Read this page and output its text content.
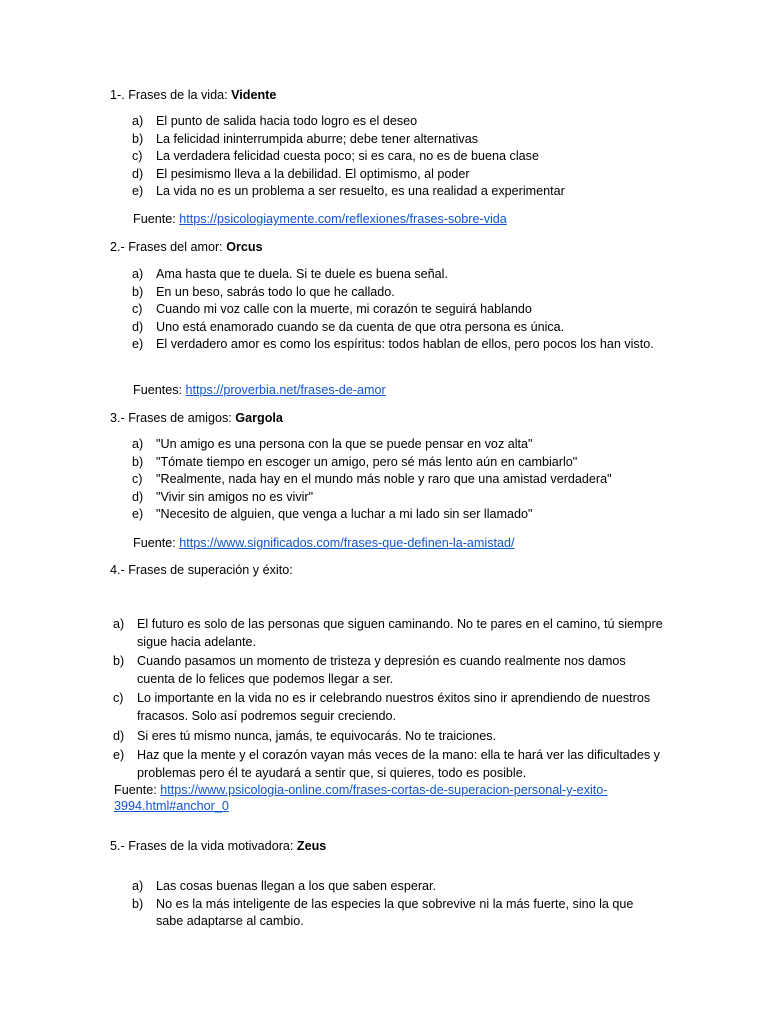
1-. Frases de la vida: Vidente
a) El punto de salida hacia todo logro es el deseo
b) La felicidad ininterrumpida aburre; debe tener alternativas
c) La verdadera felicidad cuesta poco; si es cara, no es de buena clase
d) El pesimismo lleva a la debilidad. El optimismo, al poder
e) La vida no es un problema a ser resuelto, es una realidad a experimentar

Fuente: https://psicologiaymente.com/reflexiones/frases-sobre-vida

2.- Frases del amor: Orcus
a) Ama hasta que te duela. Si te duele es buena señal.
b) En un beso, sabrás todo lo que he callado.
c) Cuando mi voz calle con la muerte, mi corazón te seguirá hablando
d) Uno está enamorado cuando se da cuenta de que otra persona es única.
e) El verdadero amor es como los espíritus: todos hablan de ellos, pero pocos los han visto.

Fuentes: https://proverbia.net/frases-de-amor

3.- Frases de amigos: Gargola
a) "Un amigo es una persona con la que se puede pensar en voz alta"
b) "Tómate tiempo en escoger un amigo, pero sé más lento aún en cambiarlo"
c) "Realmente, nada hay en el mundo más noble y raro que una amistad verdadera"
d) "Vivir sin amigos no es vivir"
e) "Necesito de alguien, que venga a luchar a mi lado sin ser llamado"

Fuente: https://www.significados.com/frases-que-definen-la-amistad/

4.- Frases de superación y éxito:
a) El futuro es solo de las personas que siguen caminando. No te pares en el camino, tú siempre sigue hacia adelante.
b) Cuando pasamos un momento de tristeza y depresión es cuando realmente nos damos cuenta de lo felices que podemos llegar a ser.
c) Lo importante en la vida no es ir celebrando nuestros éxitos sino ir aprendiendo de nuestros fracasos. Solo así podremos seguir creciendo.
d) Si eres tú mismo nunca, jamás, te equivocarás. No te traiciones.
e) Haz que la mente y el corazón vayan más veces de la mano: ella te hará ver las dificultades y problemas pero él te ayudará a sentir que, si quieres, todo es posible.

Fuente: https://www.psicologia-online.com/frases-cortas-de-superacion-personal-y-exito-3994.html#anchor_0

5.- Frases de la vida motivadora: Zeus
a) Las cosas buenas llegan a los que saben esperar.
b) No es la más inteligente de las especies la que sobrevive ni la más fuerte, sino la que sabe adaptarse al cambio.
